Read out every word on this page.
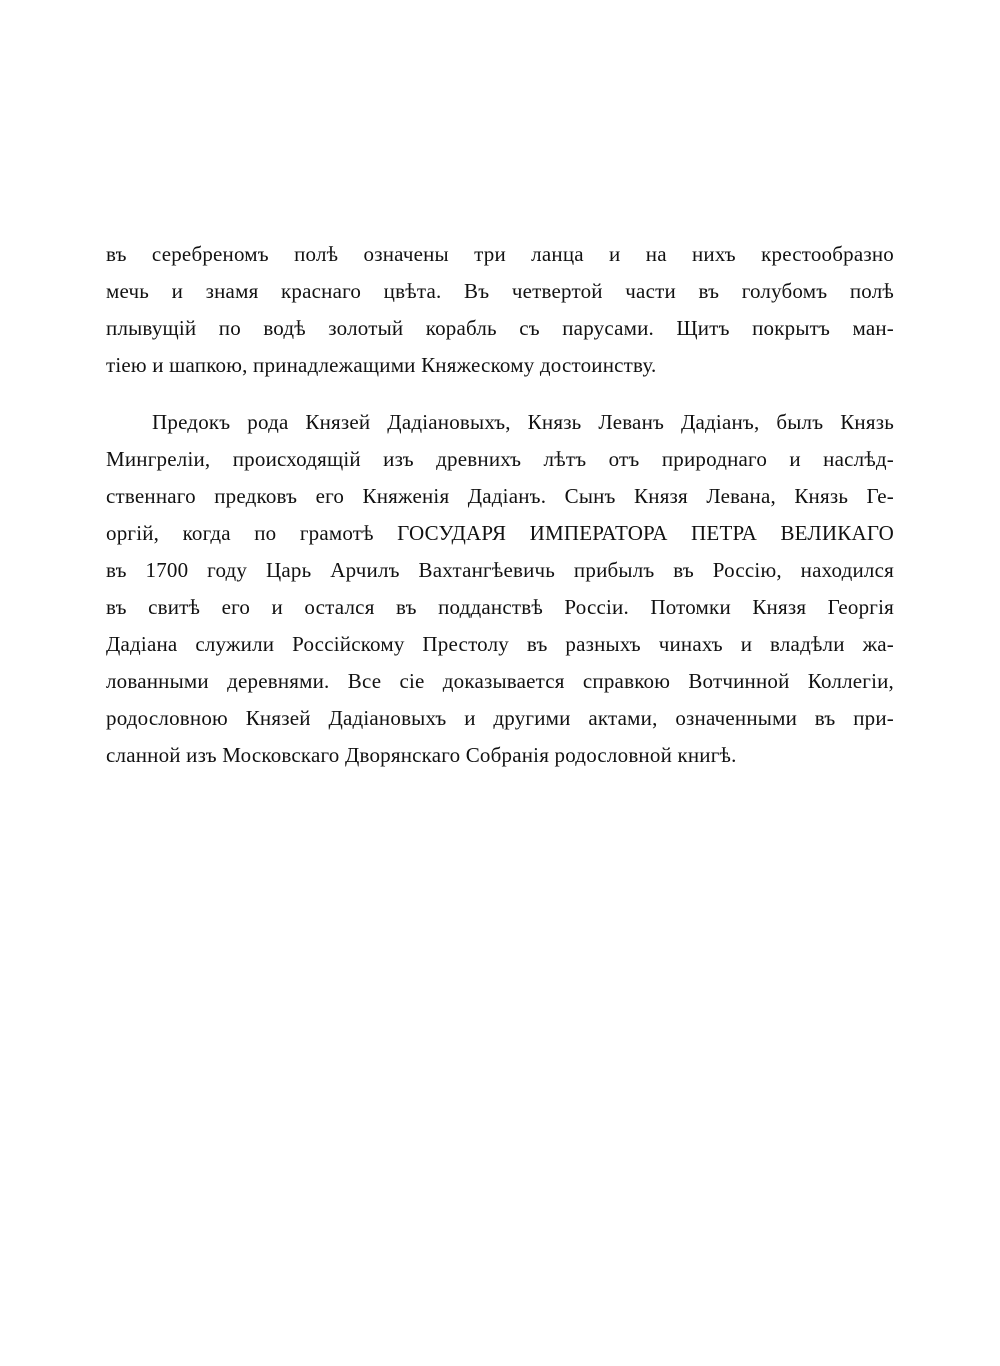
въ серебреномъ полѣ означены три ланца и на нихъ крестообразно
мечь и знамя краснаго цвѣта. Въ четвертой части въ голубомъ полѣ
плывущій по водѣ золотый корабль съ парусами. Щитъ покрытъ ман-
тіею и шапкою, принадлежащими Княжескому достоинству.
Предокъ рода Князей Дадіановыхъ, Князь Леванъ Дадіанъ, былъ Князь
Мингреліи, происходящій изъ древнихъ лѣтъ отъ природнаго и наслѣд-
ственнаго предковъ его Княженія Дадіанъ. Сынъ Князя Левана, Князь Ге-
оргій, когда по грамотѣ ГОСУДАРЯ ИМПЕРАТОРА ПЕТРА ВЕЛИКАГО
въ 1700 году Царь Арчилъ Вахтангѣевичь прибылъ въ Россію, находился
въ свитѣ его и остался въ подданствѣ Россіи. Потомки Князя Георгія
Дадіана служили Россійскому Престолу въ разныхъ чинахъ и владѣли жа-
лованными деревнями. Все сіе доказывается справкою Вотчинной Коллегіи,
родословною Князей Дадіановыхъ и другими актами, означенными въ при-
сланной изъ Московскаго Дворянскаго Собранія родословной книгѣ.
